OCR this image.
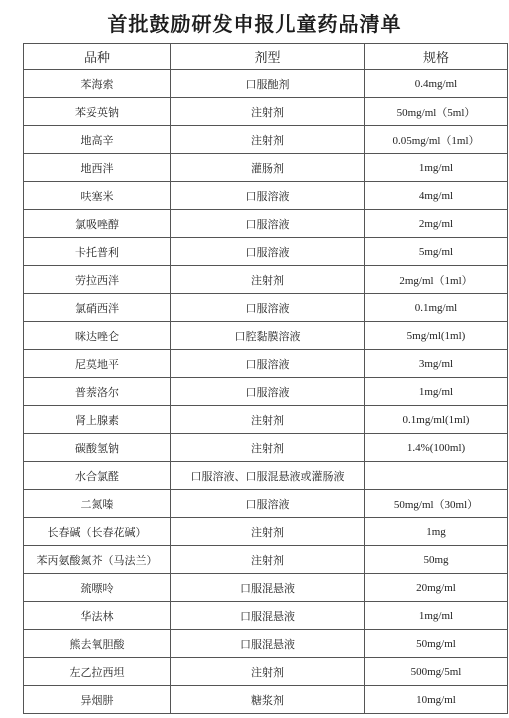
首批鼓励研发申报儿童药品清单
品种	剂型	规格
苯海索	口服酏剂	0.4mg/ml
苯妥英钠	注射剂	50mg/ml（5ml）
地高辛	注射剂	0.05mg/ml（1ml）
地西泮	灌肠剂	1mg/ml
呋塞米	口服溶液	4mg/ml
氯吸唑醇	口服溶液	2mg/ml
卡托普利	口服溶液	5mg/ml
劳拉西泮	注射剂	2mg/ml（1ml）
氯硝西泮	口服溶液	0.1mg/ml
咪达唑仑	口腔黏膜溶液	5mg/ml(1ml)
尼莫地平	口服溶液	3mg/ml
普萘洛尔	口服溶液	1mg/ml
肾上腺素	注射剂	0.1mg/ml(1ml)
碳酸氢钠	注射剂	1.4%(100ml)
水合氯醛	口服溶液、口服混悬液或灌肠液	
二氮嗪	口服溶液	50mg/ml（30ml）
长春碱（长春花碱）	注射剂	1mg
苯丙氨酸氮芥（马法兰）	注射剂	50mg
巯嘌呤	口服混悬液	20mg/ml
华法林	口服混悬液	1mg/ml
熊去氧胆酸	口服混悬液	50mg/ml
左乙拉西坦	注射剂	500mg/5ml
异烟肼	糖浆剂	10mg/ml
